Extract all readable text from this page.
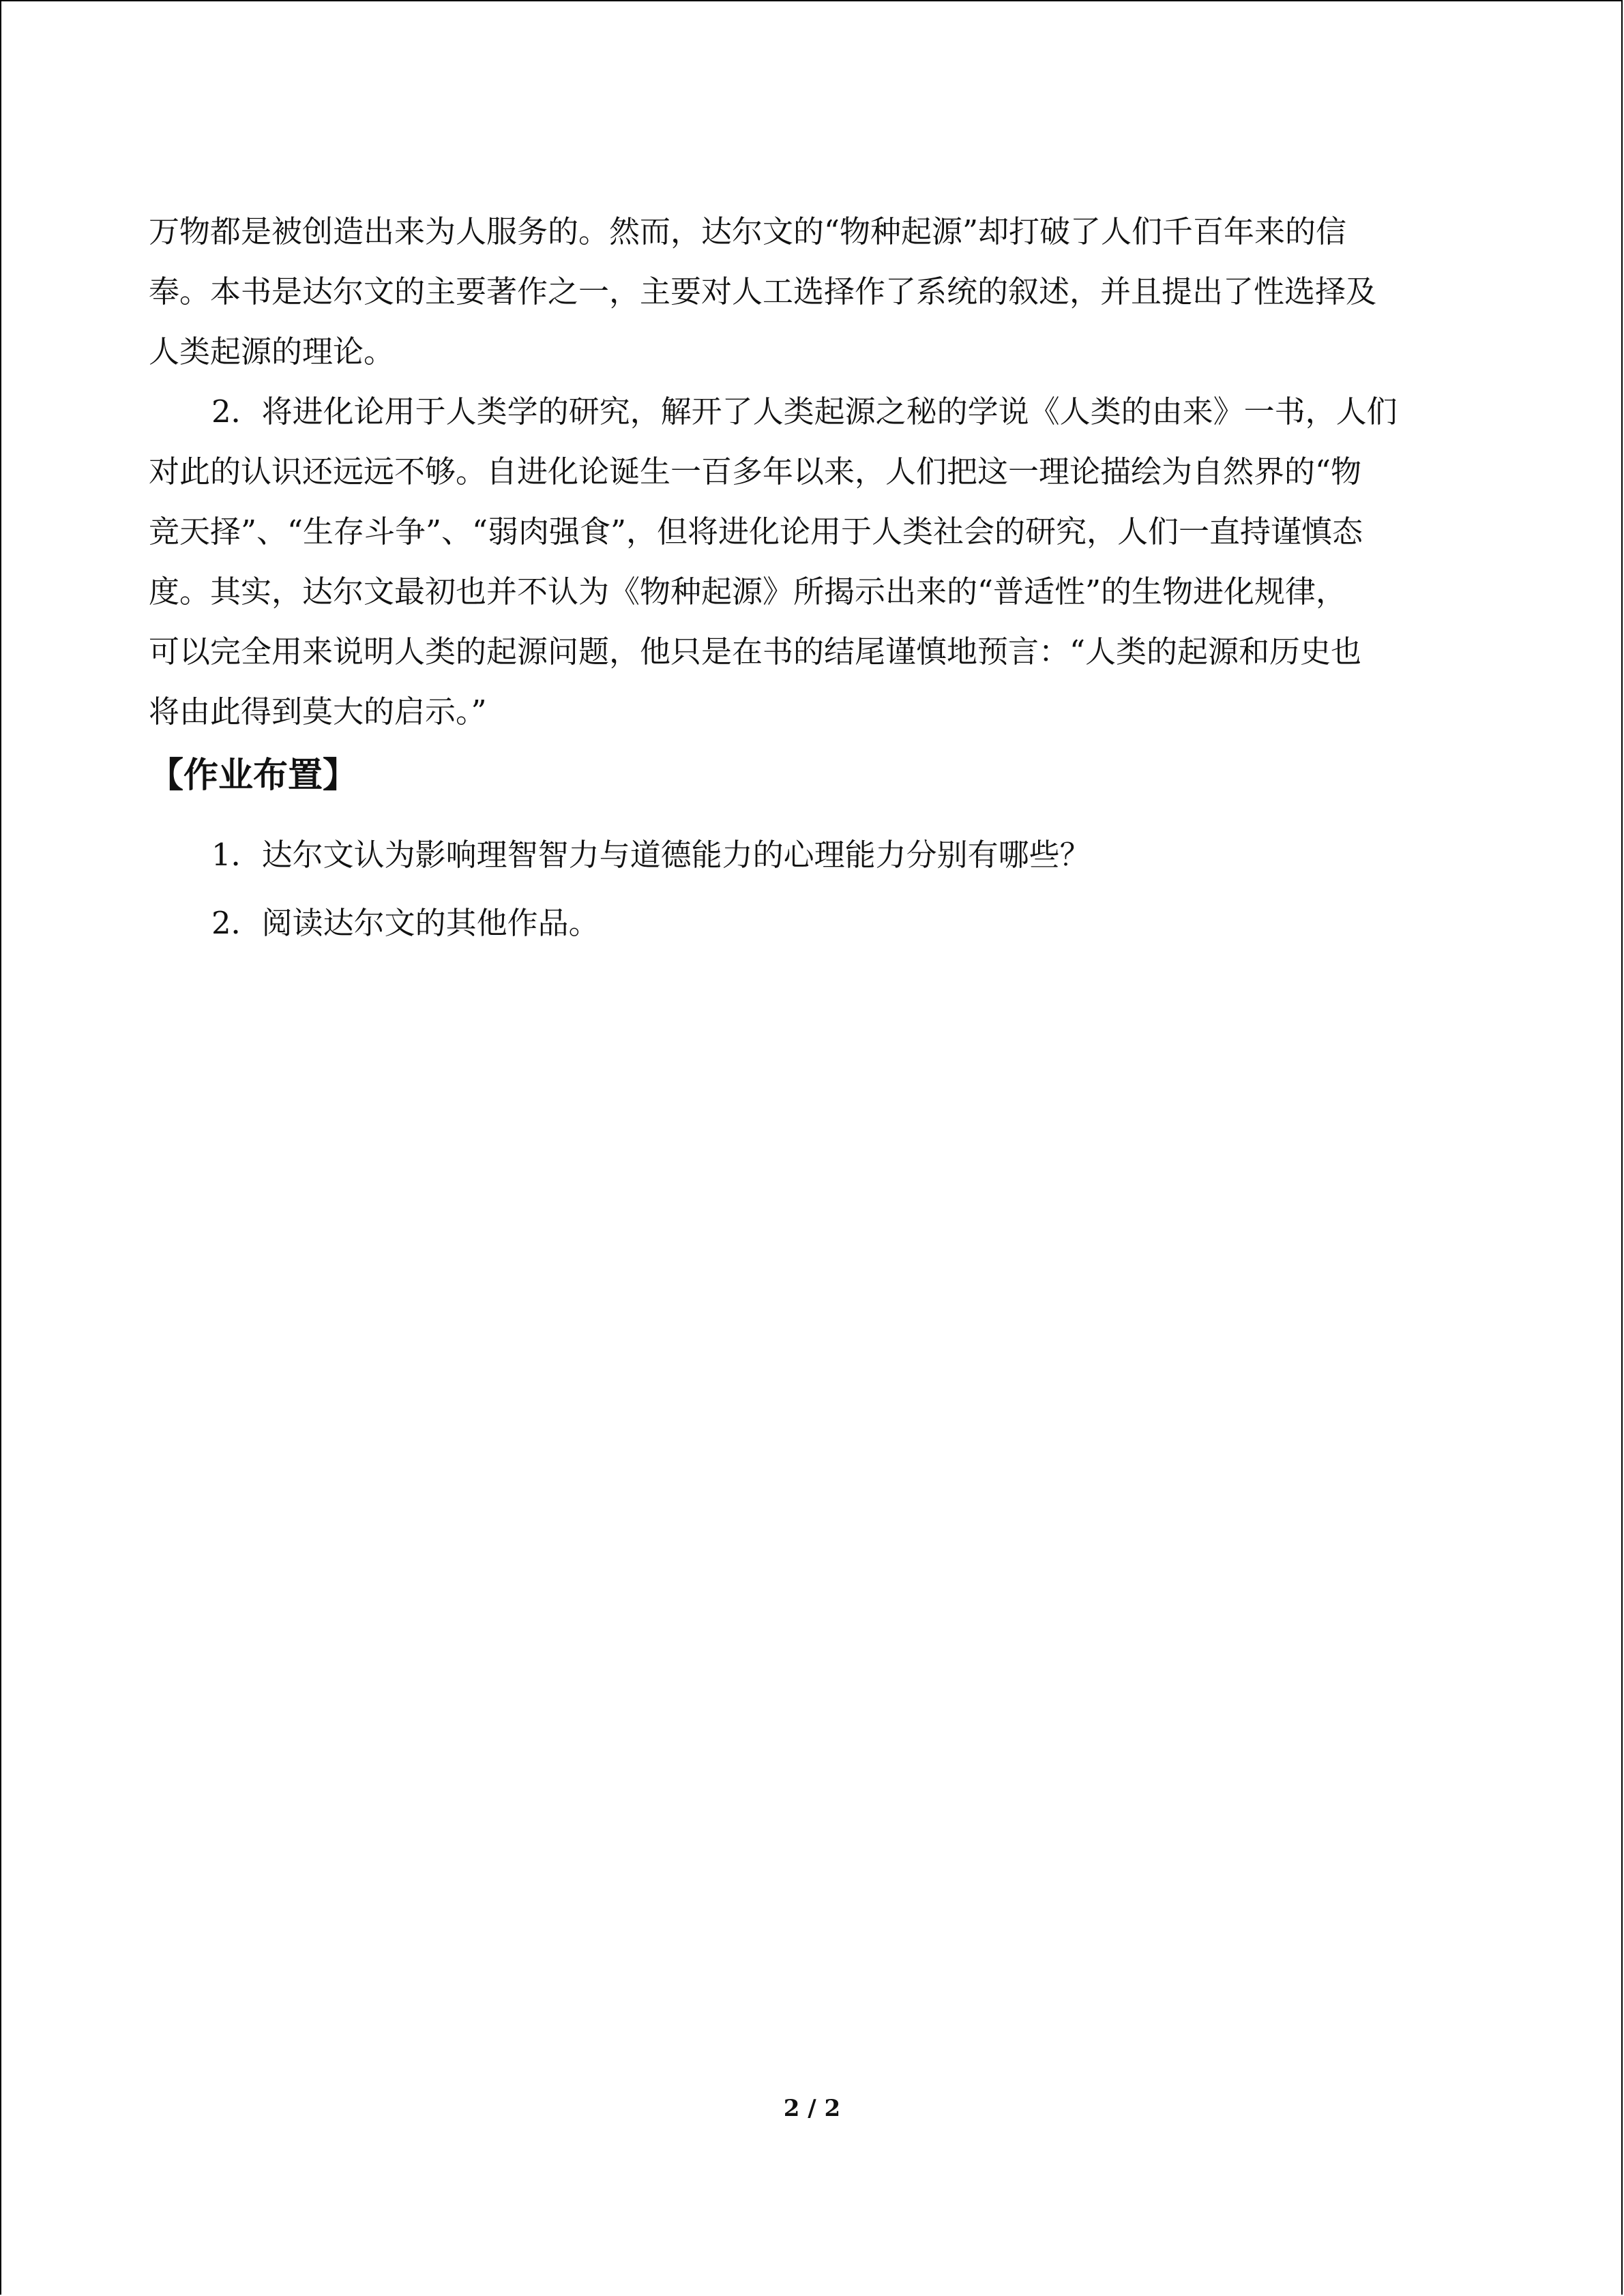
万物都是被创造出来为人服务的。然而，达尔文的“物种起源”却打破了人们千百年来的信
奉。本书是达尔文的主要著作之一，主要对人工选择作了系统的叙述，并且提出了性选择及
人类起源的理论。
2．将进化论用于人类学的研究，解开了人类起源之秘的学说《人类的由来》一书，人们
对此的认识还远远不够。自进化论诞生一百多年以来，人们把这一理论描绘为自然界的“物
竞天择”、“生存斗争”、“弱肉强食”，但将进化论用于人类社会的研究，人们一直持谨慎态
度。其实，达尔文最初也并不认为《物种起源》所揭示出来的“普适性”的生物进化规律，
可以完全用来说明人类的起源问题，他只是在书的结尾谨慎地预言：“人类的起源和历史也
将由此得到莫大的启示。”
【作业布置】
1．达尔文认为影响理智智力与道德能力的心理能力分别有哪些？
2．阅读达尔文的其他作品。
2 / 2
